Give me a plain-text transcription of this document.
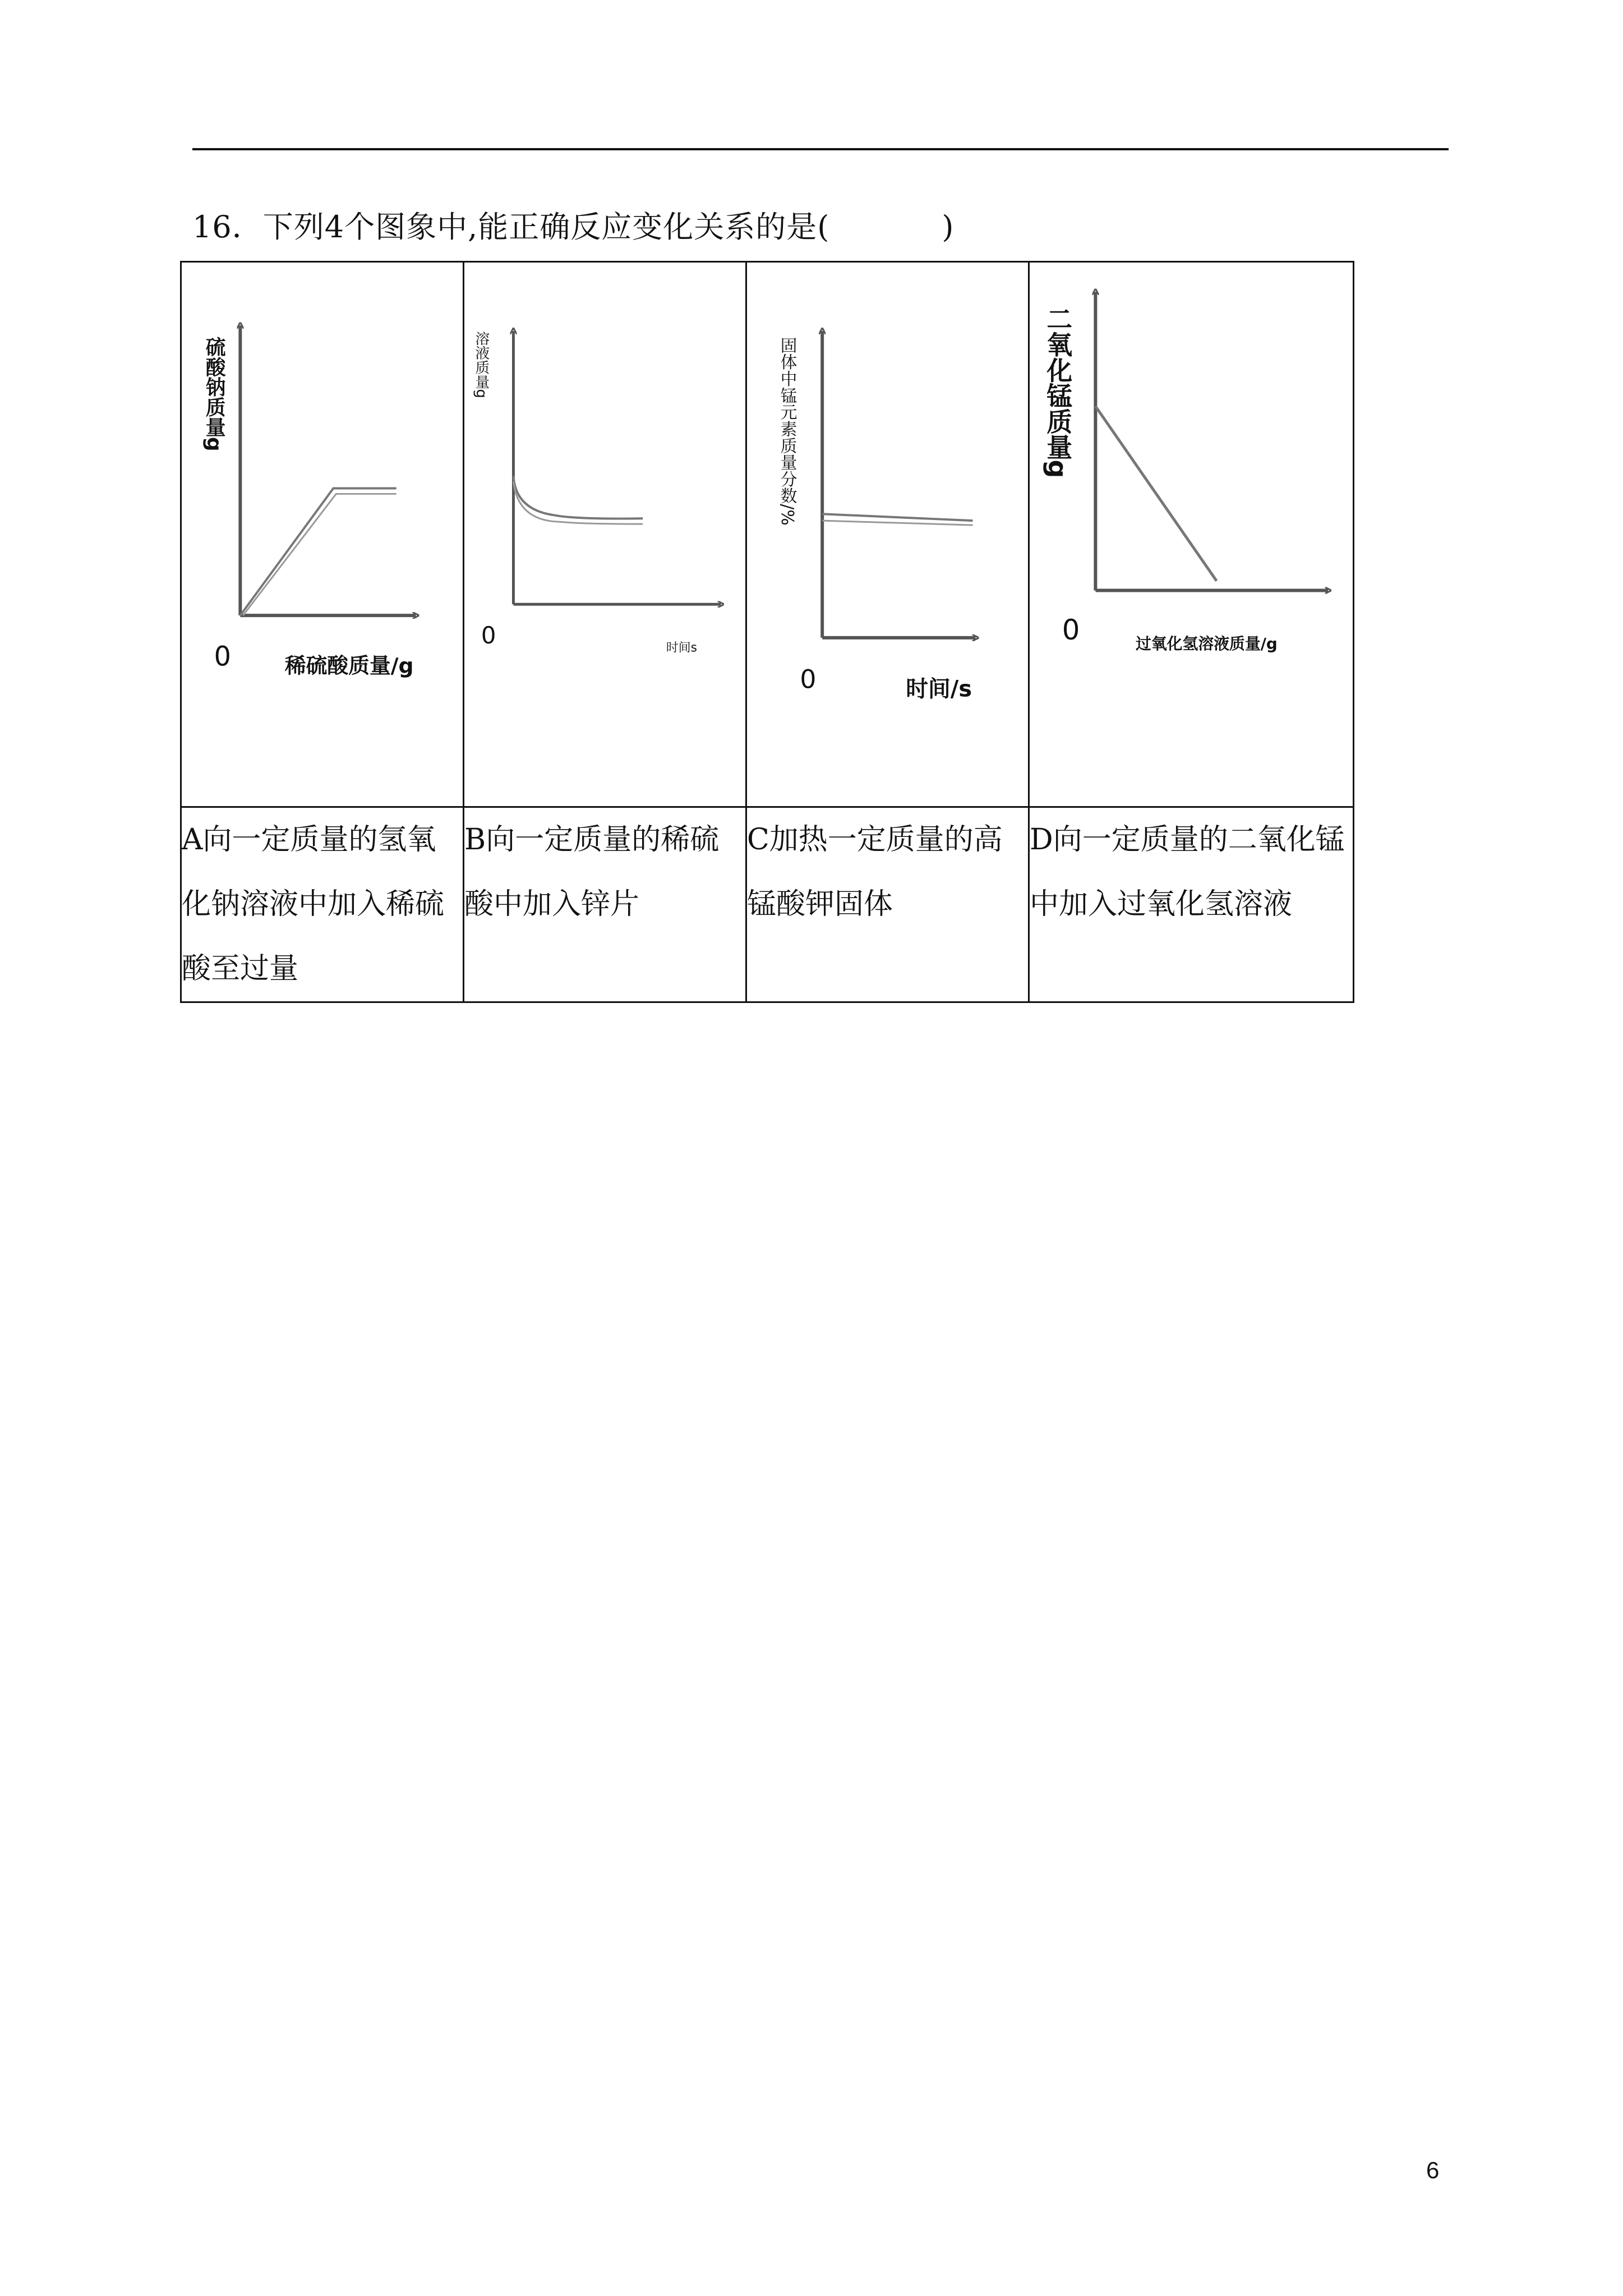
16．下列4个图象中,能正确反应变化关系的是(	)
0
硫酸钠质量g
稀硫酸质量/g	0
溶液质量g
时间s	0
固体中锰元素质量分数/%
时间/s	0
二氧化锰质量g
过氧化氢溶液质量/g

A向一定质量的氢氧化钠溶液中加入稀硫酸至过量	B向一定质量的稀硫酸中加入锌片	C加热一定质量的高锰酸钾固体	D向一定质量的二氧化锰中加入过氧化氢溶液
6
